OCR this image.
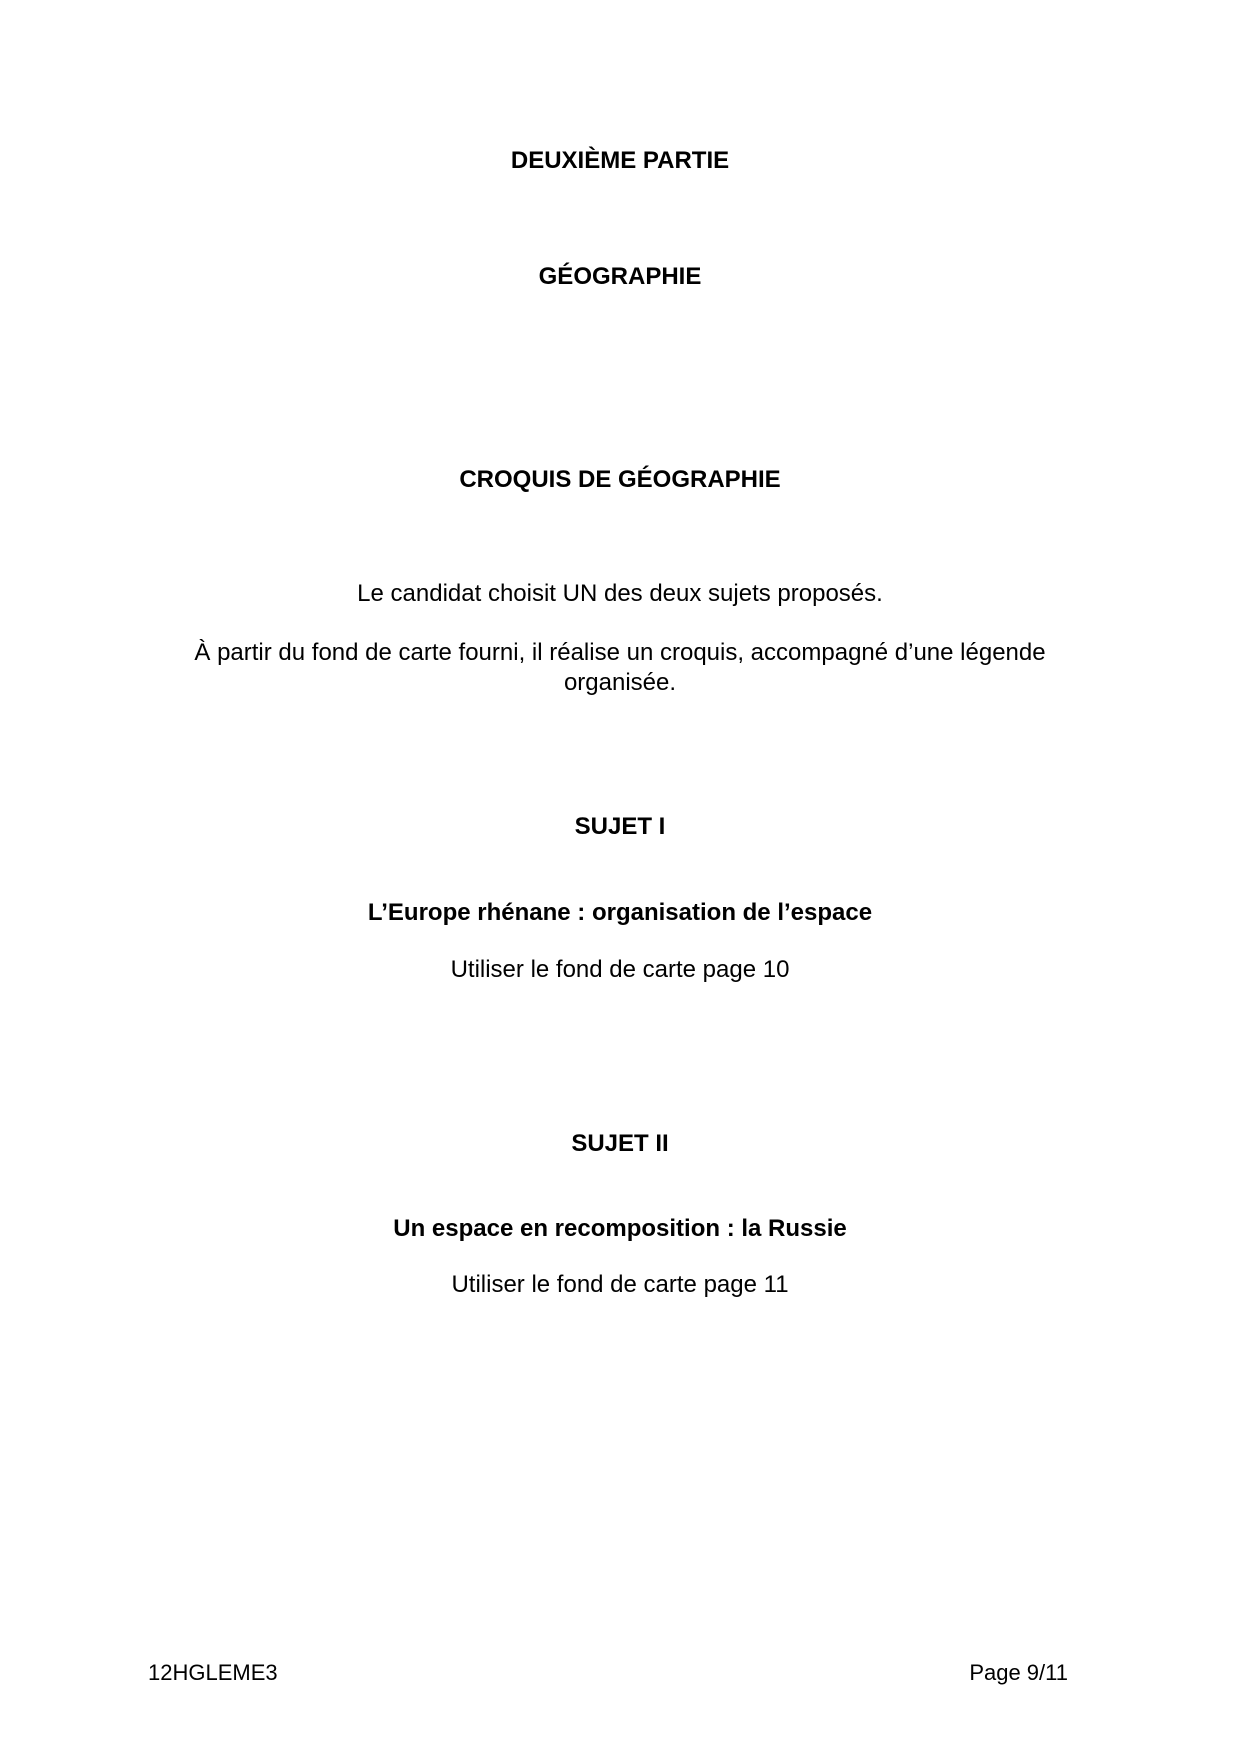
DEUXIÈME PARTIE
GÉOGRAPHIE
CROQUIS DE GÉOGRAPHIE
Le candidat choisit UN des deux sujets proposés.
À partir du fond de carte fourni, il réalise un croquis, accompagné d’une légende
organisée.
SUJET I
L’Europe rhénane : organisation de l’espace
Utiliser le fond de carte page 10
SUJET II
Un espace en recomposition : la Russie
Utiliser le fond de carte page 11
12HGLEME3	Page 9/11
